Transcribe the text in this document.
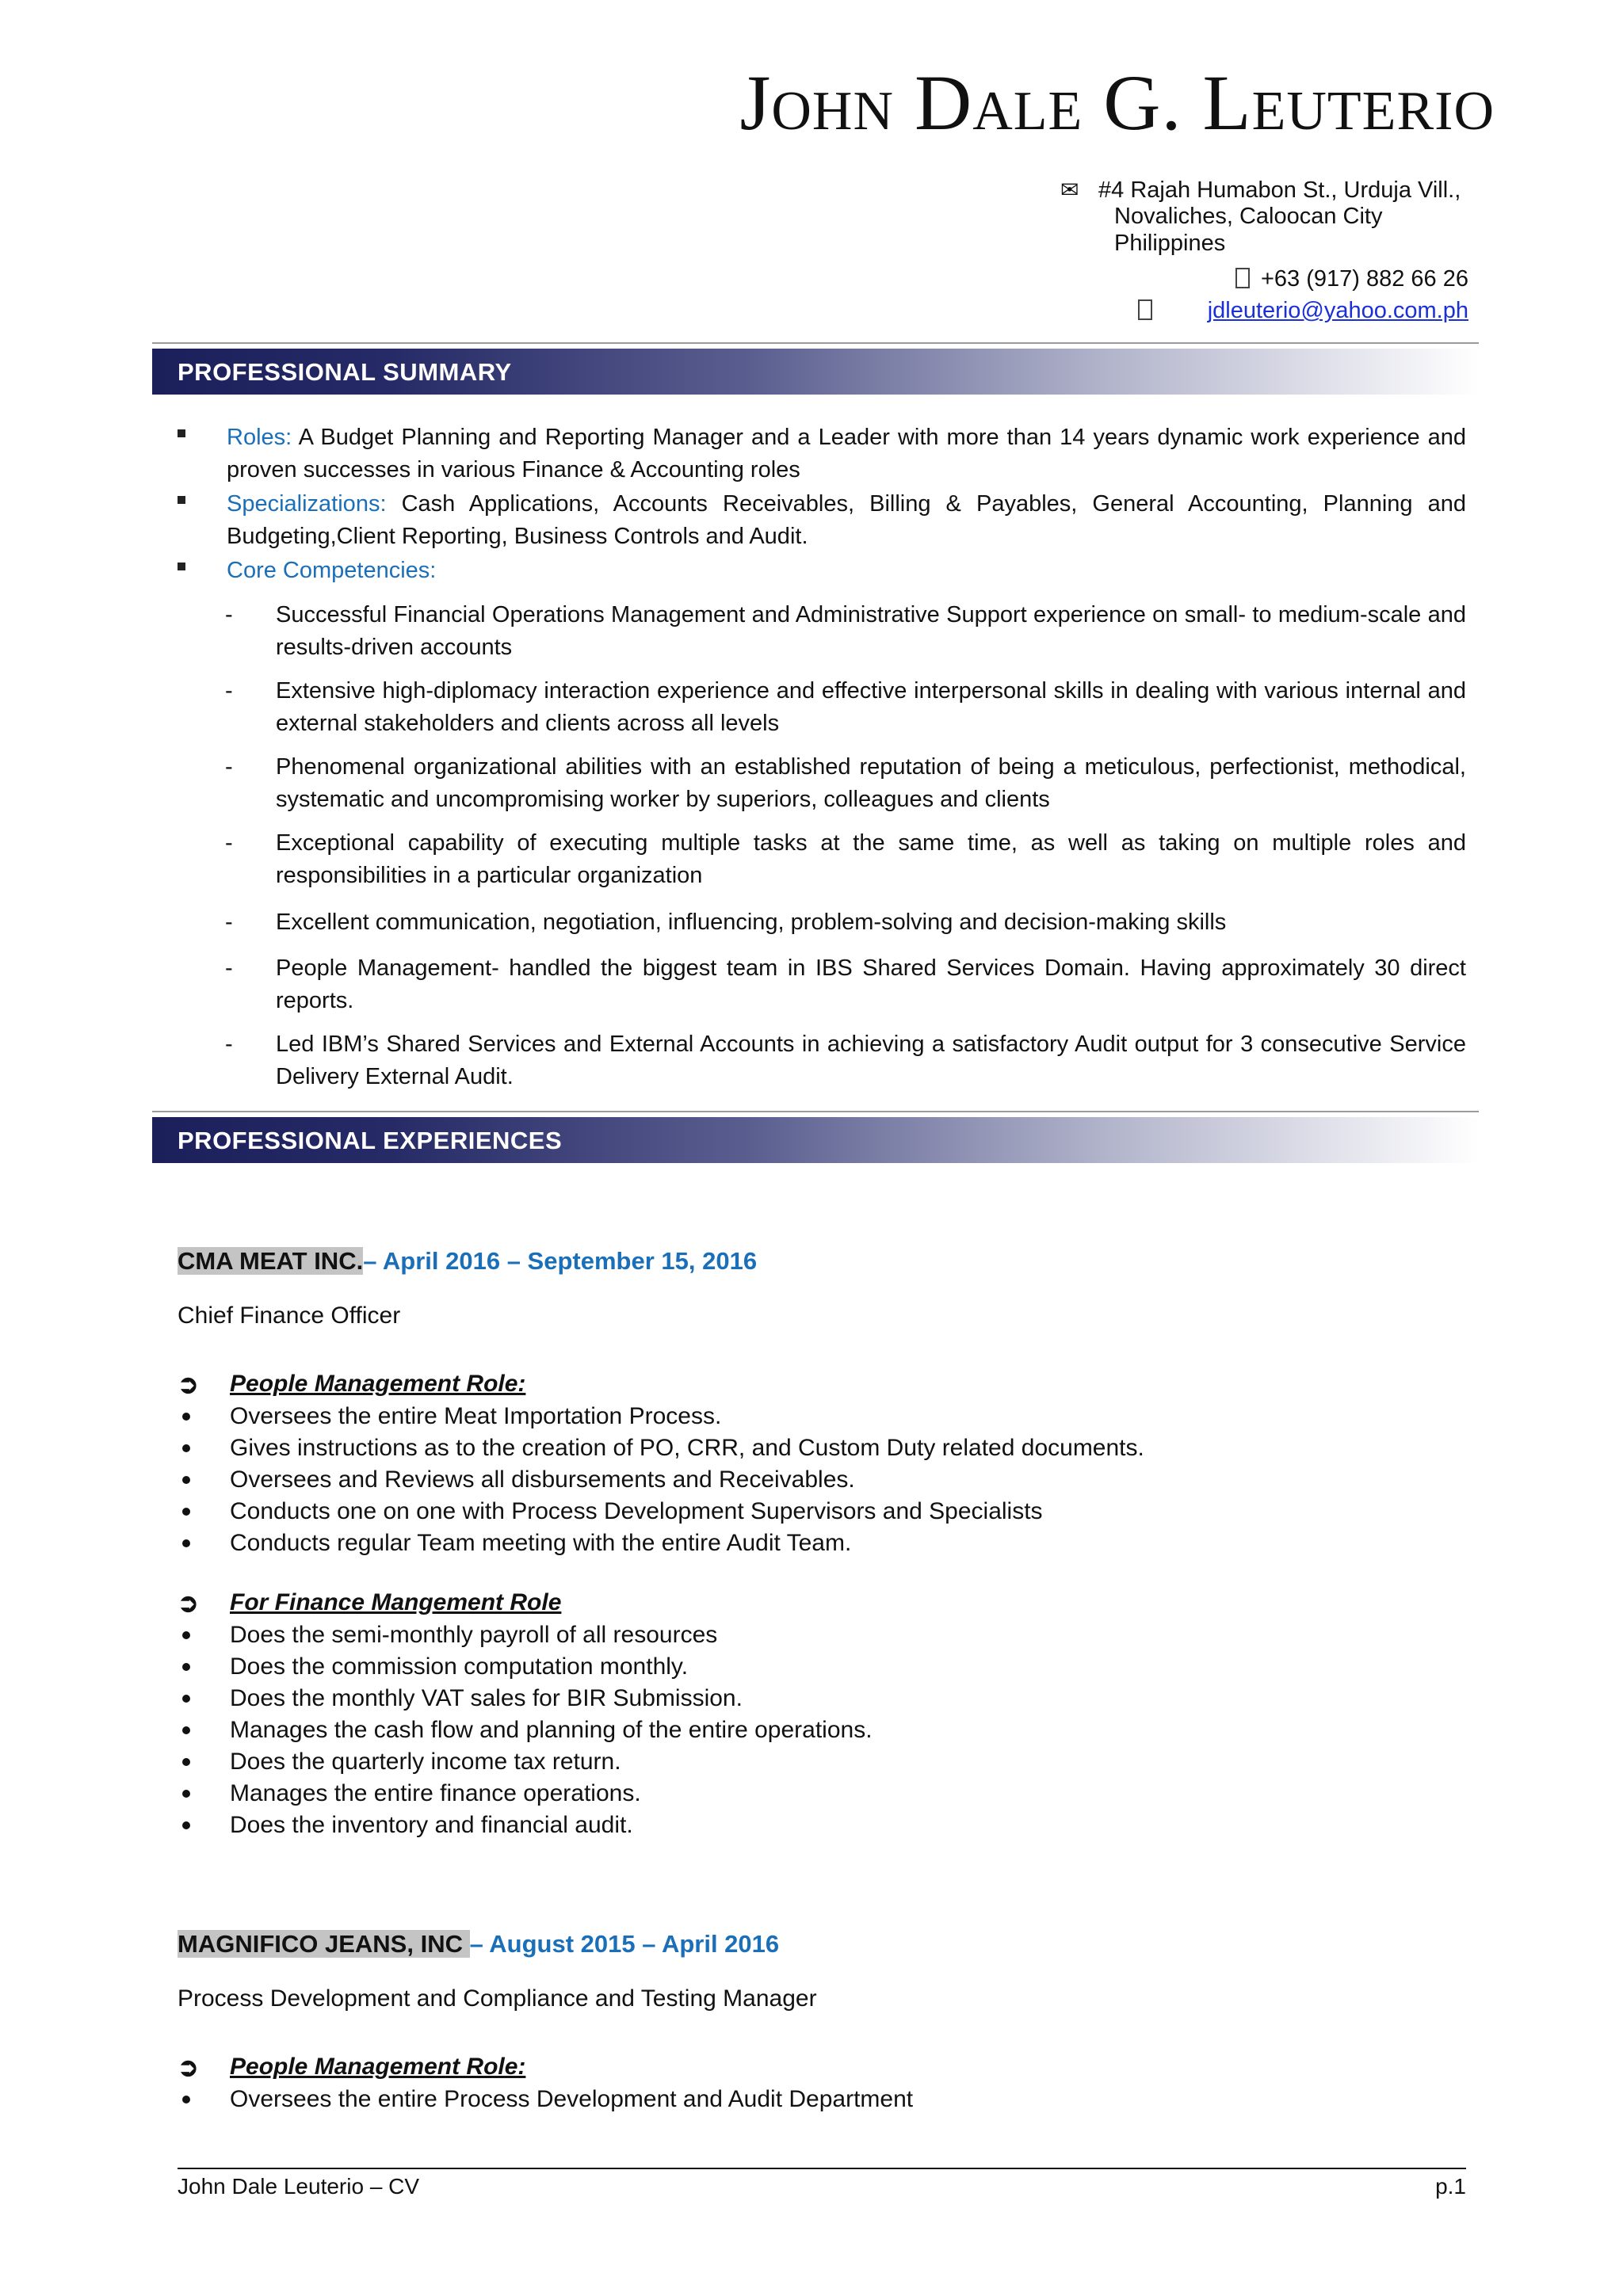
John Dale G. Leuterio
✉ #4 Rajah Humabon St., Urduja Vill.,
Novaliches, Caloocan City
Philippines
+63 (917) 882 66 26
jdleuterio@yahoo.com.ph
PROFESSIONAL SUMMARY
Roles: A Budget Planning and Reporting Manager and a Leader with more than 14 years dynamic work experience and proven successes in various Finance & Accounting roles
Specializations: Cash Applications, Accounts Receivables, Billing & Payables, General Accounting, Planning and Budgeting,Client Reporting, Business Controls and Audit.
Core Competencies:
- Successful Financial Operations Management and Administrative Support experience on small- to medium-scale and results-driven accounts
- Extensive high-diplomacy interaction experience and effective interpersonal skills in dealing with various internal and external stakeholders and clients across all levels
- Phenomenal organizational abilities with an established reputation of being a meticulous, perfectionist, methodical, systematic and uncompromising worker by superiors, colleagues and clients
- Exceptional capability of executing multiple tasks at the same time, as well as taking on multiple roles and responsibilities in a particular organization
- Excellent communication, negotiation, influencing, problem-solving and decision-making skills
- People Management- handled the biggest team in IBS Shared Services Domain. Having approximately 30 direct reports.
- Led IBM’s Shared Services and External Accounts in achieving a satisfactory Audit output for 3 consecutive Service Delivery External Audit.
PROFESSIONAL EXPERIENCES
CMA MEAT INC.– April 2016 – September 15, 2016
Chief Finance Officer
➲ People Management Role:
Oversees the entire Meat Importation Process.
Gives instructions as to the creation of PO, CRR, and Custom Duty related documents.
Oversees and Reviews all disbursements and Receivables.
Conducts one on one with Process Development Supervisors and Specialists
Conducts regular Team meeting with the entire Audit Team.
➲ For Finance Mangement Role
Does the semi-monthly payroll of all resources
Does the commission computation monthly.
Does the monthly VAT sales for BIR Submission.
Manages the cash flow and planning of the entire operations.
Does the quarterly income tax return.
Manages the entire finance operations.
Does the inventory and financial audit.
MAGNIFICO JEANS, INC – August 2015 – April 2016
Process Development and Compliance and Testing Manager
➲ People Management Role:
Oversees the entire Process Development and Audit Department
John Dale Leuterio – CV	p.1
